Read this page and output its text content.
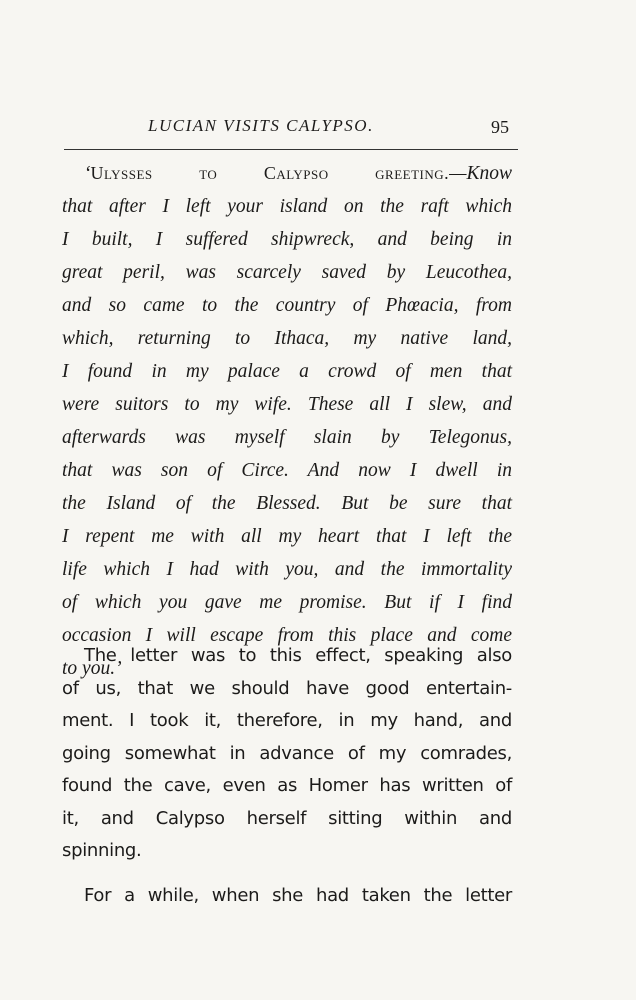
LUCIAN VISITS CALYPSO.	95
‘Ulysses to Calypso greeting.—Know
that after I left your island on the raft which
I built, I suffered shipwreck, and being in
great peril, was scarcely saved by Leucothea,
and so came to the country of Phœacia, from
which, returning to Ithaca, my native land,
I found in my palace a crowd of men that
were suitors to my wife. These all I slew, and
afterwards was myself slain by Telegonus,
that was son of Circe. And now I dwell in
the Island of the Blessed. But be sure that
I repent me with all my heart that I left the
life which I had with you, and the immortality
of which you gave me promise. But if I find
occasion I will escape from this place and come
to you.’
The letter was to this effect, speaking also
of us, that we should have good entertain-
ment. I took it, therefore, in my hand, and
going somewhat in advance of my comrades,
found the cave, even as Homer has written of
it, and Calypso herself sitting within and
spinning.
For a while, when she had taken the letter
